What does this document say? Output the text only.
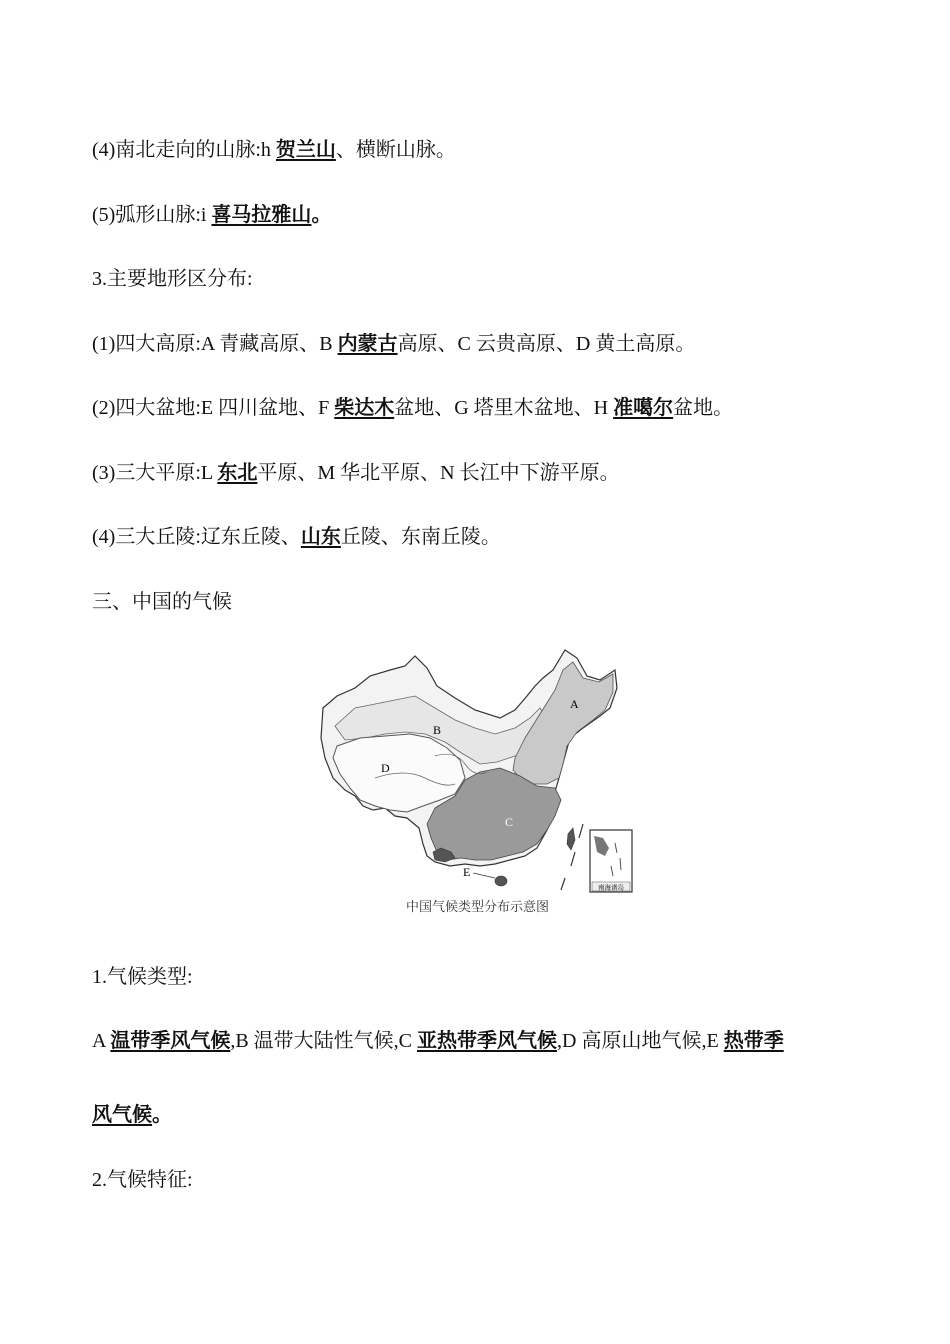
(4)南北走向的山脉:h 贺兰山、横断山脉。
(5)弧形山脉:i 喜马拉雅山。
3.主要地形区分布:
(1)四大高原:A 青藏高原、B 内蒙古高原、C 云贵高原、D 黄土高原。
(2)四大盆地:E 四川盆地、F 柴达木盆地、G 塔里木盆地、H 准噶尔盆地。
(3)三大平原:L 东北平原、M 华北平原、N 长江中下游平原。
(4)三大丘陵:辽东丘陵、山东丘陵、东南丘陵。
三、中国的气候
南海诸岛
A
B
C
D
E
中国气候类型分布示意图
1.气候类型:
A 温带季风气候,B 温带大陆性气候,C 亚热带季风气候,D 高原山地气候,E 热带季
风气候。
2.气候特征:
